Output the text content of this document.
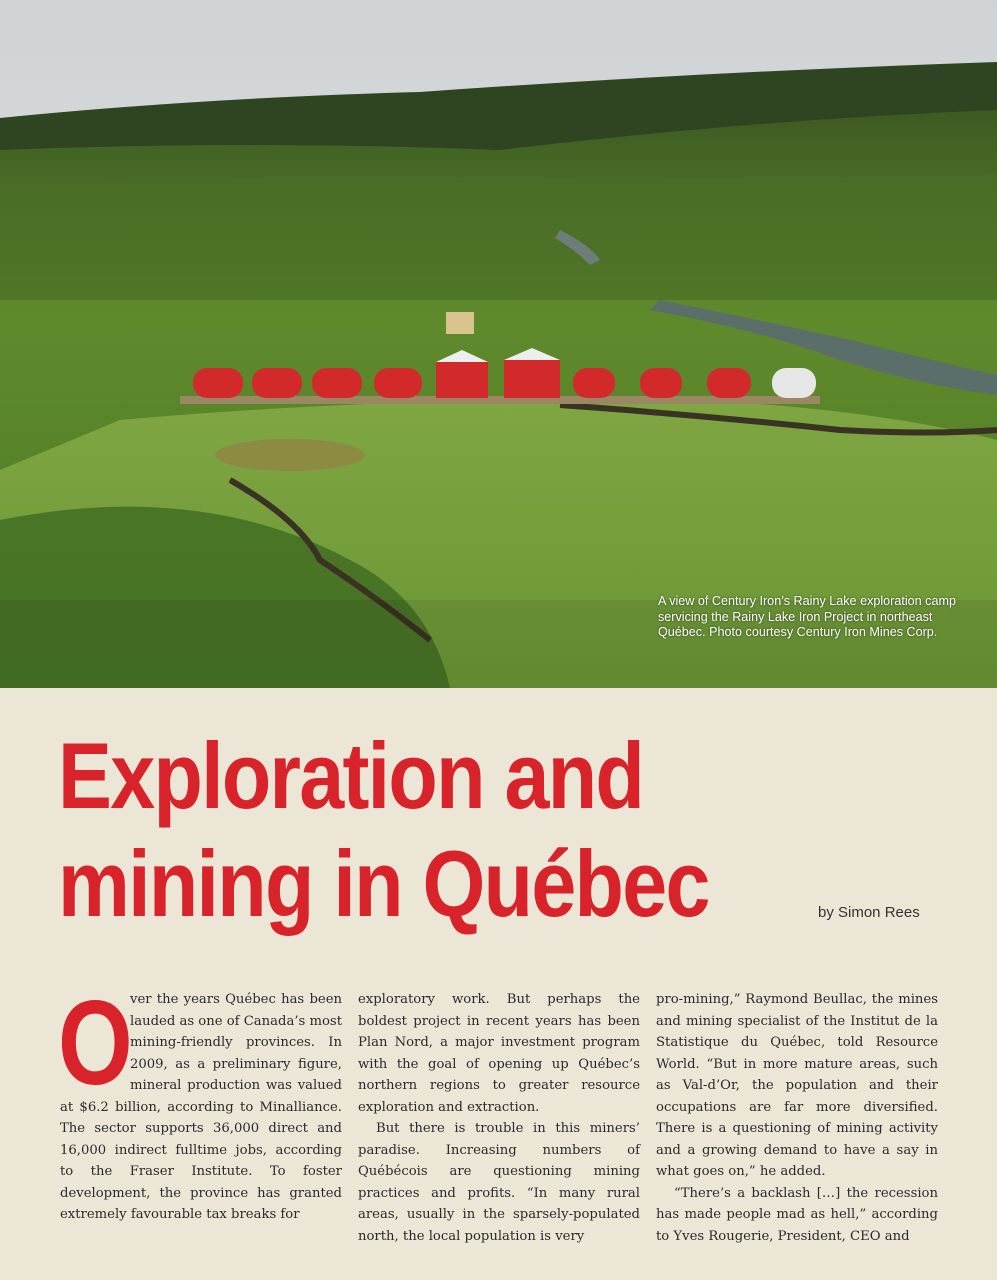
A view of Century Iron’s Rainy Lake exploration camp servicing the Rainy Lake Iron Project in northeast Québec. Photo courtesy Century Iron Mines Corp.
Exploration and
mining in Québec	by Simon Rees
O

ver the years Québec has been lauded as one of Canada’s most mining-friendly provinces. In 2009, as a preliminary figure, mineral production was valued at $6.2 billion, according to Minalliance. The sector supports 36,000 direct and 16,000 indirect fulltime jobs, according to the Fraser Institute. To foster development, the province has granted extremely favourable tax breaks for

exploratory work. But perhaps the boldest project in recent years has been Plan Nord, a major investment program with the goal of opening up Québec’s northern regions to greater resource exploration and extraction.

But there is trouble in this miners’ paradise. Increasing numbers of Québécois are questioning mining practices and profits. “In many rural areas, usually in the sparsely-populated north, the local population is very

pro-mining,” Raymond Beullac, the mines and mining specialist of the Institut de la Statistique du Québec, told Resource World. “But in more mature areas, such as Val-d’Or, the population and their occupations are far more diversified. There is a questioning of mining activity and a growing demand to have a say in what goes on,” he added.

“There’s a backlash […] the recession has made people mad as hell,” according to Yves Rougerie, President, CEO and
